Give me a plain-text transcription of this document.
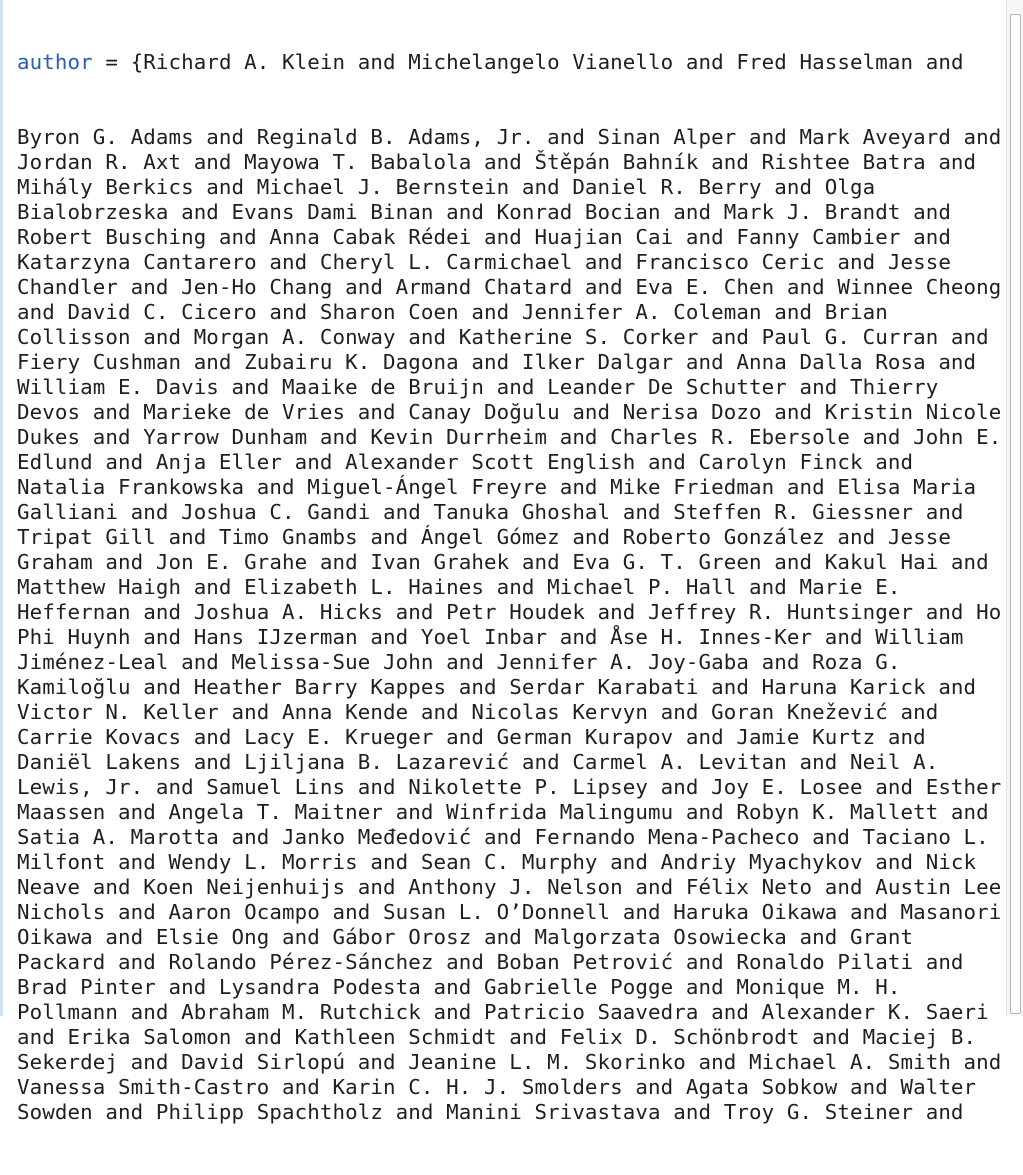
author = {Richard A. Klein and Michelangelo Vianello and Fred Hasselman and

Byron G. Adams and Reginald B. Adams, Jr. and Sinan Alper and Mark Aveyard and
Jordan R. Axt and Mayowa T. Babalola and Štěpán Bahník and Rishtee Batra and
Mihály Berkics and Michael J. Bernstein and Daniel R. Berry and Olga
Bialobrzeska and Evans Dami Binan and Konrad Bocian and Mark J. Brandt and
Robert Busching and Anna Cabak Rédei and Huajian Cai and Fanny Cambier and
Katarzyna Cantarero and Cheryl L. Carmichael and Francisco Ceric and Jesse
Chandler and Jen-Ho Chang and Armand Chatard and Eva E. Chen and Winnee Cheong
and David C. Cicero and Sharon Coen and Jennifer A. Coleman and Brian
Collisson and Morgan A. Conway and Katherine S. Corker and Paul G. Curran and
Fiery Cushman and Zubairu K. Dagona and Ilker Dalgar and Anna Dalla Rosa and
William E. Davis and Maaike de Bruijn and Leander De Schutter and Thierry
Devos and Marieke de Vries and Canay Doğulu and Nerisa Dozo and Kristin Nicole
Dukes and Yarrow Dunham and Kevin Durrheim and Charles R. Ebersole and John E.
Edlund and Anja Eller and Alexander Scott English and Carolyn Finck and
Natalia Frankowska and Miguel-Ángel Freyre and Mike Friedman and Elisa Maria
Galliani and Joshua C. Gandi and Tanuka Ghoshal and Steffen R. Giessner and
Tripat Gill and Timo Gnambs and Ángel Gómez and Roberto González and Jesse
Graham and Jon E. Grahe and Ivan Grahek and Eva G. T. Green and Kakul Hai and
Matthew Haigh and Elizabeth L. Haines and Michael P. Hall and Marie E.
Heffernan and Joshua A. Hicks and Petr Houdek and Jeffrey R. Huntsinger and Ho
Phi Huynh and Hans IJzerman and Yoel Inbar and Åse H. Innes-Ker and William
Jiménez-Leal and Melissa-Sue John and Jennifer A. Joy-Gaba and Roza G.
Kamiloğlu and Heather Barry Kappes and Serdar Karabati and Haruna Karick and
Victor N. Keller and Anna Kende and Nicolas Kervyn and Goran Knežević and
Carrie Kovacs and Lacy E. Krueger and German Kurapov and Jamie Kurtz and
Daniël Lakens and Ljiljana B. Lazarević and Carmel A. Levitan and Neil A.
Lewis, Jr. and Samuel Lins and Nikolette P. Lipsey and Joy E. Losee and Esther
Maassen and Angela T. Maitner and Winfrida Malingumu and Robyn K. Mallett and
Satia A. Marotta and Janko Međedović and Fernando Mena-Pacheco and Taciano L.
Milfont and Wendy L. Morris and Sean C. Murphy and Andriy Myachykov and Nick
Neave and Koen Neijenhuijs and Anthony J. Nelson and Félix Neto and Austin Lee
Nichols and Aaron Ocampo and Susan L. O’Donnell and Haruka Oikawa and Masanori
Oikawa and Elsie Ong and Gábor Orosz and Malgorzata Osowiecka and Grant
Packard and Rolando Pérez-Sánchez and Boban Petrović and Ronaldo Pilati and
Brad Pinter and Lysandra Podesta and Gabrielle Pogge and Monique M. H.
Pollmann and Abraham M. Rutchick and Patricio Saavedra and Alexander K. Saeri
and Erika Salomon and Kathleen Schmidt and Felix D. Schönbrodt and Maciej B.
Sekerdej and David Sirlopú and Jeanine L. M. Skorinko and Michael A. Smith and
Vanessa Smith-Castro and Karin C. H. J. Smolders and Agata Sobkow and Walter
Sowden and Philipp Spachtholz and Manini Srivastava and Troy G. Steiner and
